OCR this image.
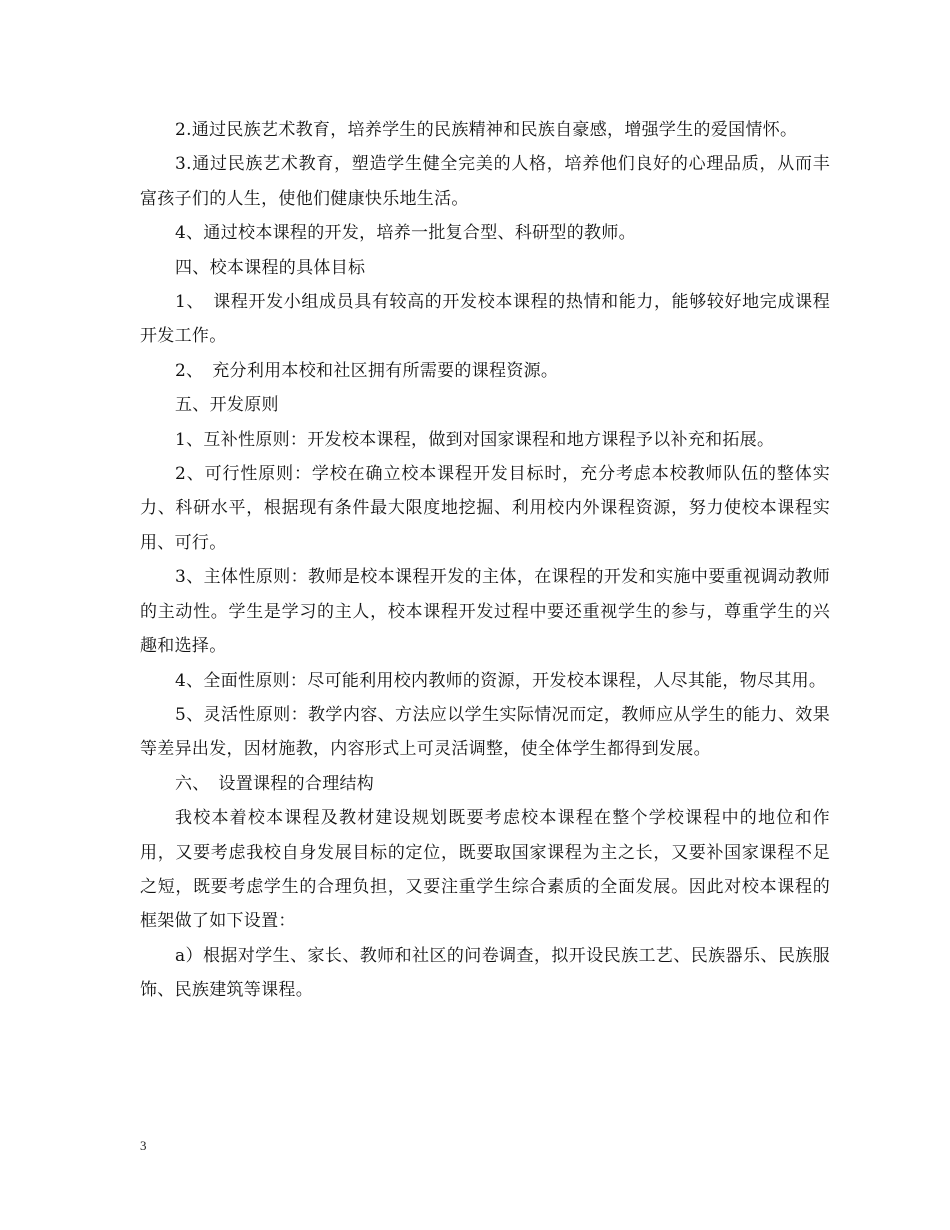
2.通过民族艺术教育，培养学生的民族精神和民族自豪感，增强学生的爱国情怀。

3.通过民族艺术教育，塑造学生健全完美的人格，培养他们良好的心理品质，从而丰富孩子们的人生，使他们健康快乐地生活。

4、通过校本课程的开发，培养一批复合型、科研型的教师。

四、校本课程的具体目标

1、　课程开发小组成员具有较高的开发校本课程的热情和能力，能够较好地完成课程开发工作。

2、　充分利用本校和社区拥有所需要的课程资源。

五、开发原则

1、互补性原则：开发校本课程，做到对国家课程和地方课程予以补充和拓展。

2、可行性原则：学校在确立校本课程开发目标时，充分考虑本校教师队伍的整体实力、科研水平，根据现有条件最大限度地挖掘、利用校内外课程资源，努力使校本课程实用、可行。

3、主体性原则：教师是校本课程开发的主体，在课程的开发和实施中要重视调动教师的主动性。学生是学习的主人，校本课程开发过程中要还重视学生的参与，尊重学生的兴趣和选择。

4、全面性原则：尽可能利用校内教师的资源，开发校本课程，人尽其能，物尽其用。

5、灵活性原则：教学内容、方法应以学生实际情况而定，教师应从学生的能力、效果等差异出发，因材施教，内容形式上可灵活调整，使全体学生都得到发展。

六、　设置课程的合理结构

我校本着校本课程及教材建设规划既要考虑校本课程在整个学校课程中的地位和作用，又要考虑我校自身发展目标的定位，既要取国家课程为主之长，又要补国家课程不足之短，既要考虑学生的合理负担，又要注重学生综合素质的全面发展。因此对校本课程的框架做了如下设置：

a）根据对学生、家长、教师和社区的问卷调查，拟开设民族工艺、民族器乐、民族服饰、民族建筑等课程。

3
